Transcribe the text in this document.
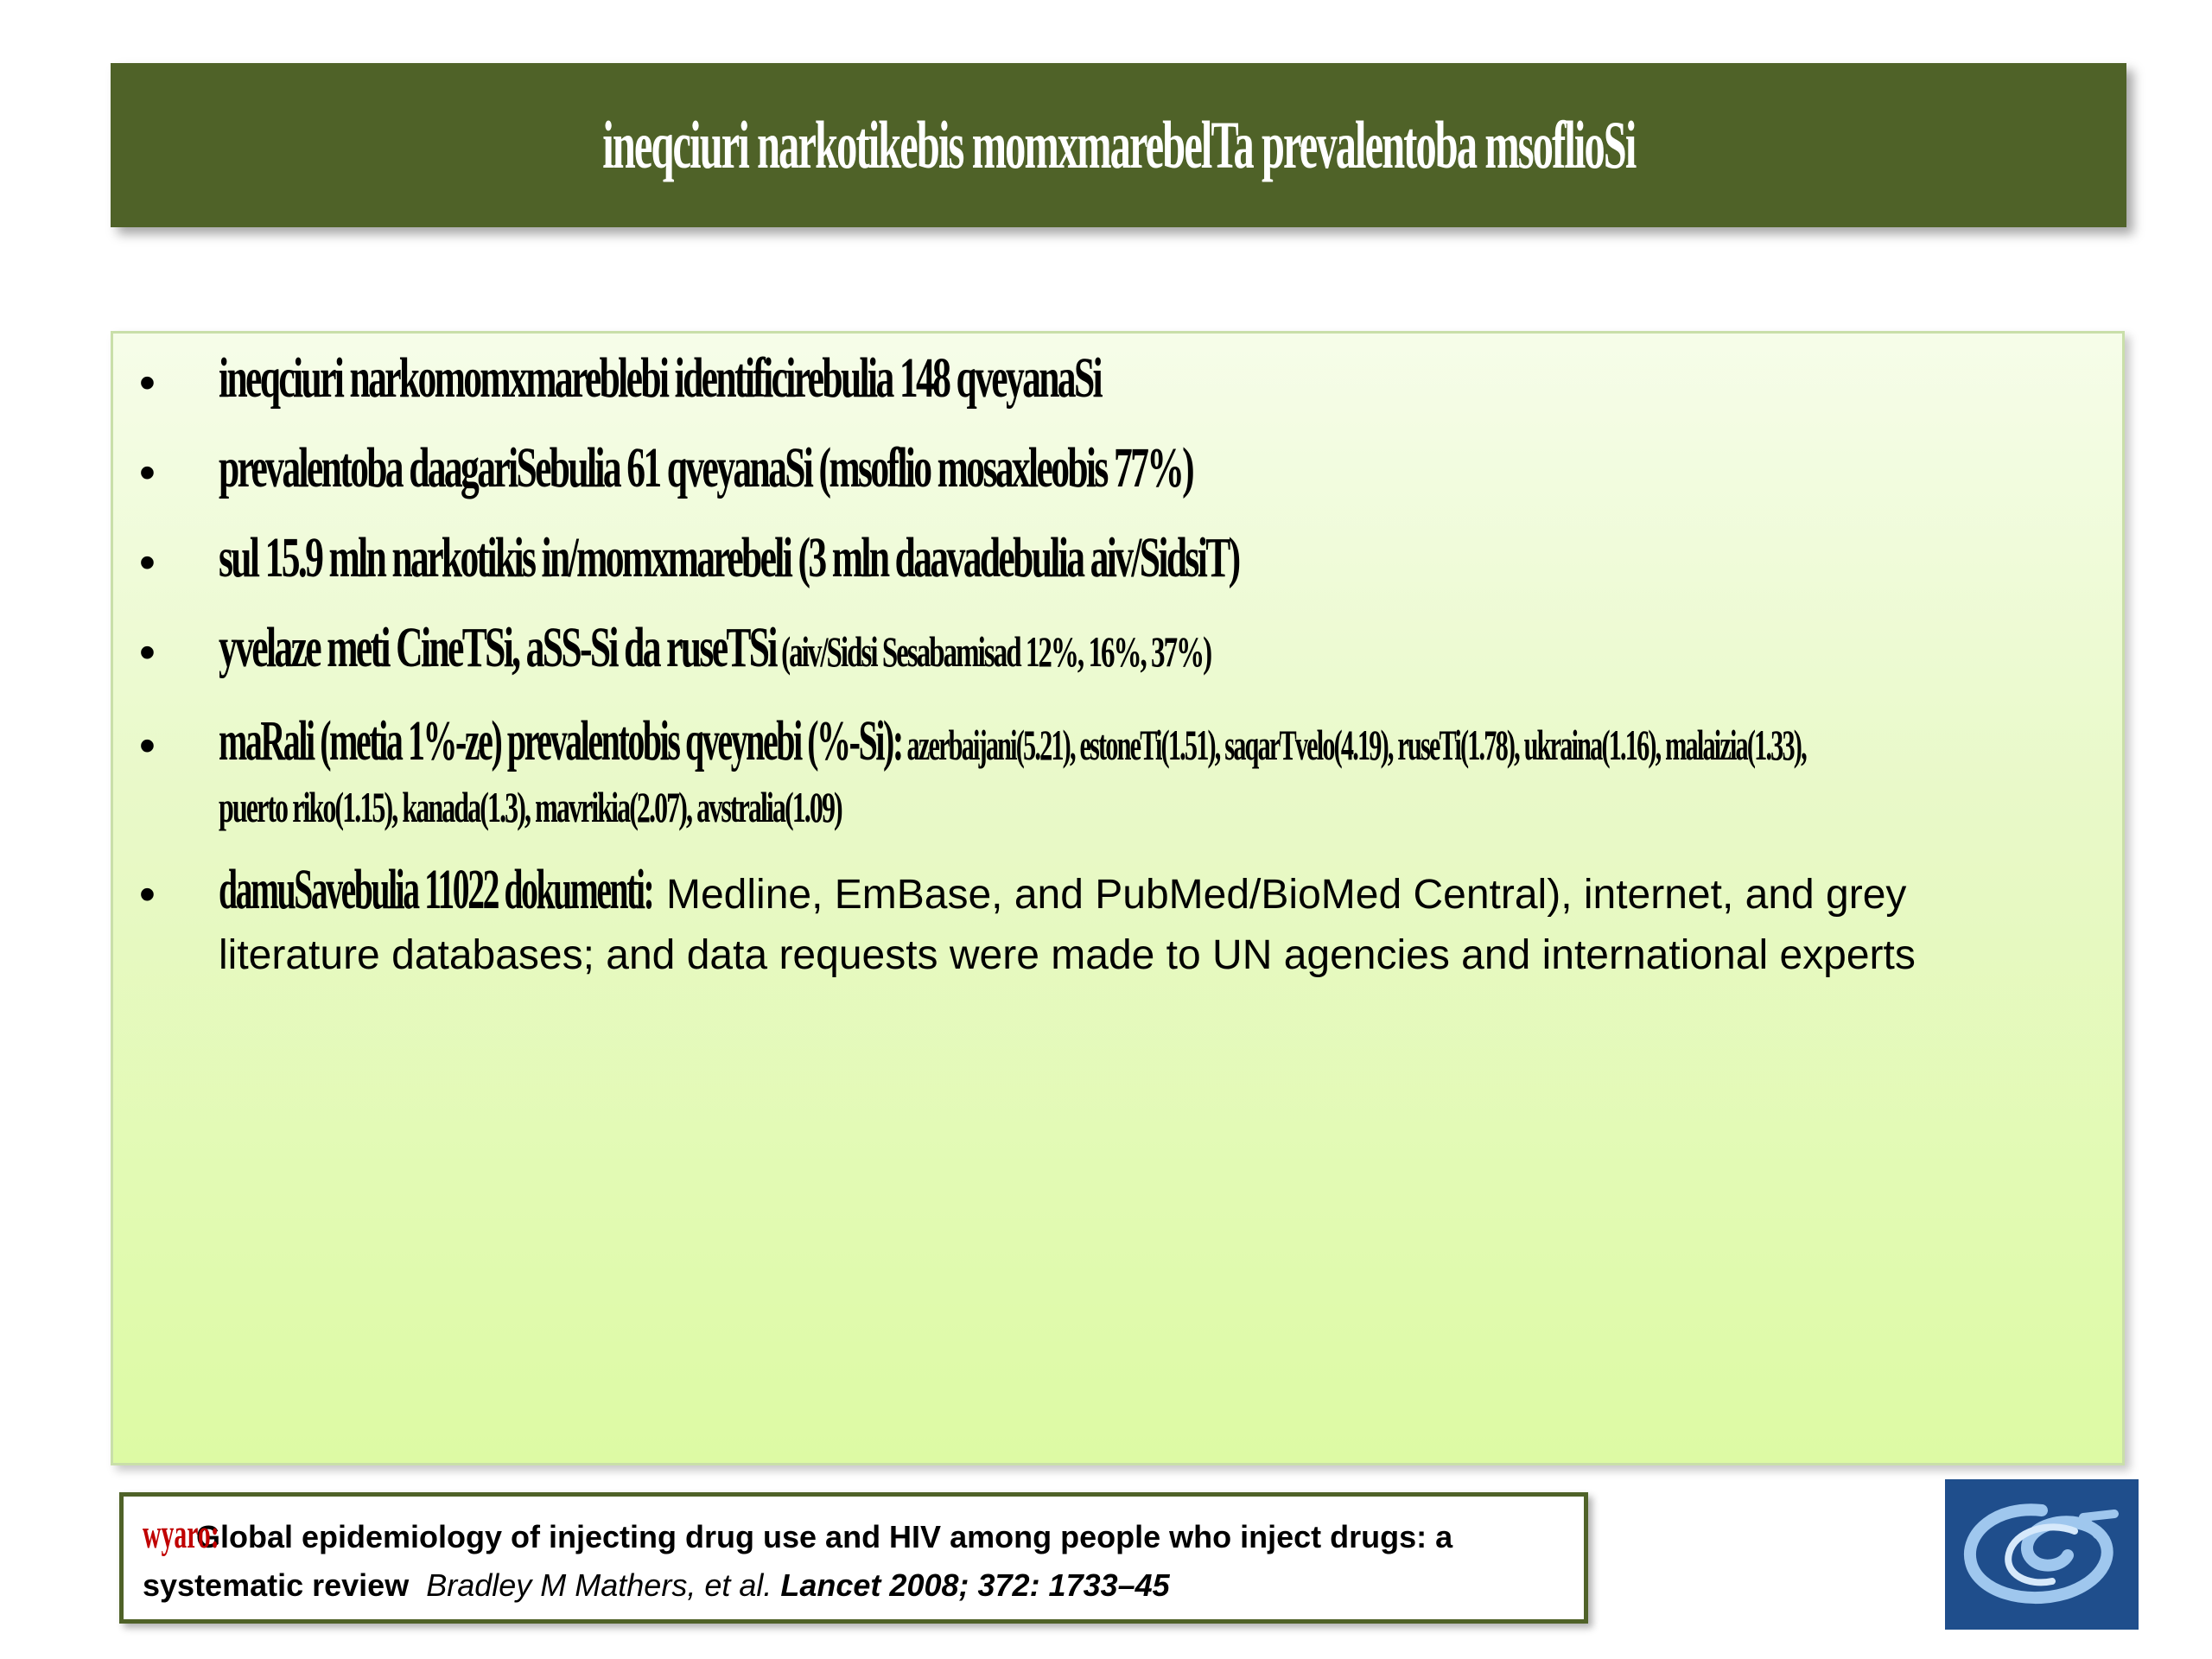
ineqciuri narkotikebis momxmarebelTa prevalentoba msoflioSi
• ineqciuri narkomomxmareblebi identificirebulia 148 qveyanaSi
• prevalentoba daagariSebulia 61 qveyanaSi (msoflio mosaxleobis 77%)
• sul 15.9 mln narkotikis in/momxmarebeli (3 mln daavadebulia aiv/SidsiT)
• yvelaze meti CineTSi, aSS-Si da ruseTSi (aiv/Sidsi Sesabamisad 12%, 16%, 37%)
• maRali (metia 1%-ze) prevalentobis qveynebi (%-Si): azerbaijani(5.21), estoneTi(1.51), saqarTvelo(4.19), ruseTi(1.78), ukraina(1.16), malaizia(1.33),
puerto riko(1.15), kanada(1.3), mavrikia(2.07), avstralia(1.09)
• damuSavebulia 11022 dokumenti: Medline, EmBase, and PubMed/BioMed Central), internet, and grey
literature databases; and data requests were made to UN agencies and international experts
wyaro:Global epidemiology of injecting drug use and HIV among people who inject drugs: a
systematic review Bradley M Mathers, et al. Lancet 2008; 372: 1733–45
